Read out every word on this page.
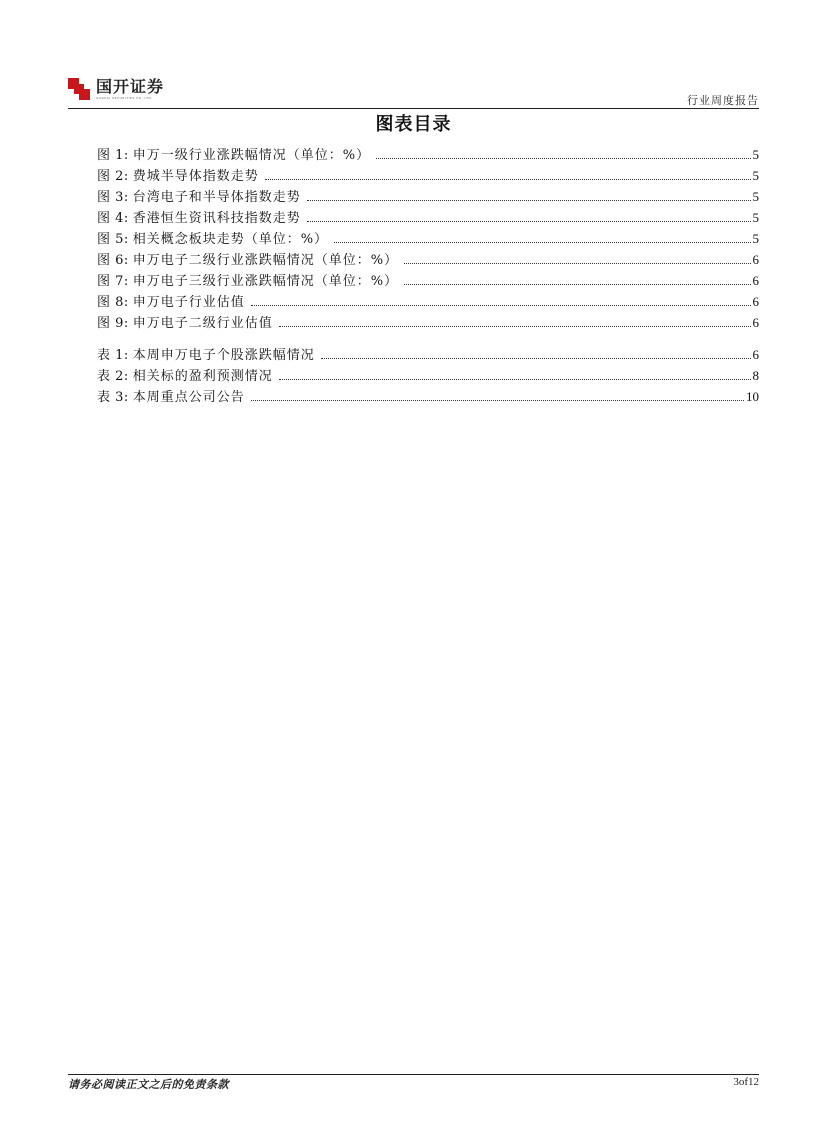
国开证券
GUOKAI SECURITIES CO.,LTD.	行业周度报告
图表目录
图 1: 申万一级行业涨跌幅情况（单位：%）	5
图 2: 费城半导体指数走势	5
图 3: 台湾电子和半导体指数走势	5
图 4: 香港恒生资讯科技指数走势	5
图 5: 相关概念板块走势（单位：%）	5
图 6: 申万电子二级行业涨跌幅情况（单位：%）	6
图 7: 申万电子三级行业涨跌幅情况（单位：%）	6
图 8: 申万电子行业估值	6
图 9: 申万电子二级行业估值	6
表 1: 本周申万电子个股涨跌幅情况	6
表 2: 相关标的盈利预测情况	8
表 3: 本周重点公司公告	10
请务必阅读正文之后的免责条款	3of12
